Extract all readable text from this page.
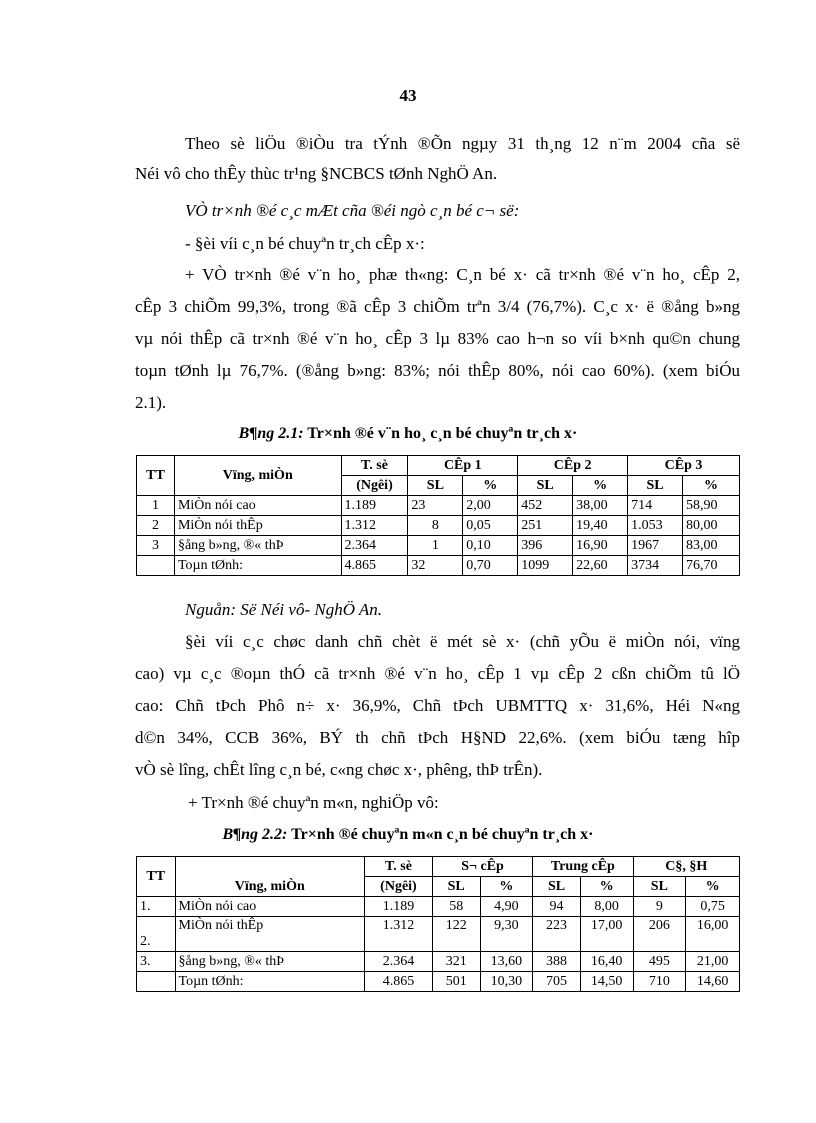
43
Theo sè liÖu ®iÒu tra tÝnh ®Õn ngµy 31 th¸ng 12 n¨m 2004 cña së
Néi vô cho thÊy thùc tr¹ng §NCBCS tØnh NghÖ An.
VÒ tr×nh ®é c¸c mÆt cña ®éi ngò c¸n bé c¬ së:
- §èi víi c¸n bé chuyªn tr¸ch cÊp x·:
+ VÒ tr×nh ®é v¨n ho¸ phæ th«ng: C¸n bé x· cã tr×nh ®é v¨n ho¸ cÊp 2,
cÊp 3 chiÕm 99,3%, trong ®ã cÊp 3 chiÕm trªn 3/4 (76,7%). C¸c x· ë ®ång b»ng
vµ nói thÊp cã tr×nh ®é v¨n ho¸ cÊp 3 lµ 83% cao h¬n so víi b×nh qu©n chung
toµn tØnh lµ 76,7%. (®ång b»ng: 83%; nói thÊp 80%, nói cao 60%). (xem biÓu
2.1).
B¶ng 2.1: Tr×nh ®é v¨n ho¸ c¸n bé chuyªn tr¸ch x·
TT	Vïng, miÒn	T. sè	CÊp 1		CÊp 2		CÊp 3	
		(Ngêi)	SL	%	SL	%	SL	%
1	MiÒn nói cao	1.189	23	2,00	452	38,00	714	58,90
2	MiÒn nói thÊp	1.312	8	0,05	251	19,40	1.053	80,00
3	§ång b»ng, ®« thÞ	2.364	1	0,10	396	16,90	1967	83,00
	Toµn tØnh:	4.865	32	0,70	1099	22,60	3734	76,70
Nguån: Së Néi vô- NghÖ An.
§èi víi c¸c chøc danh chñ chèt ë mét sè x· (chñ yÕu ë miÒn nói, vïng
cao) vµ c¸c ®oµn thÓ cã tr×nh ®é v¨n ho¸ cÊp 1 vµ cÊp 2 cßn chiÕm tû lÖ
cao: Chñ tÞch Phô n÷ x· 36,9%, Chñ tÞch UBMTTQ x· 31,6%, Héi N«ng
d©n 34%, CCB 36%, BÝ th chñ tÞch H§ND 22,6%. (xem biÓu tæng hîp
vÒ sè lîng, chÊt lîng c¸n bé, c«ng chøc x·, phêng, thÞ trÊn).
+ Tr×nh ®é chuyªn m«n, nghiÖp vô:
B¶ng 2.2: Tr×nh ®é chuyªn m«n c¸n bé chuyªn tr¸ch x·
TT	Vïng, miÒn	T. sè	S¬ cÊp		Trung cÊp		C§, §H	
		(Ngêi)	SL	%	SL	%	SL	%
1.	MiÒn nói cao	1.189	58	4,90	94	8,00	9	0,75
2.	MiÒn nói thÊp	1.312	122	9,30	223	17,00	206	16,00
3.	§ång b»ng, ®« thÞ	2.364	321	13,60	388	16,40	495	21,00
	Toµn tØnh:	4.865	501	10,30	705	14,50	710	14,60
